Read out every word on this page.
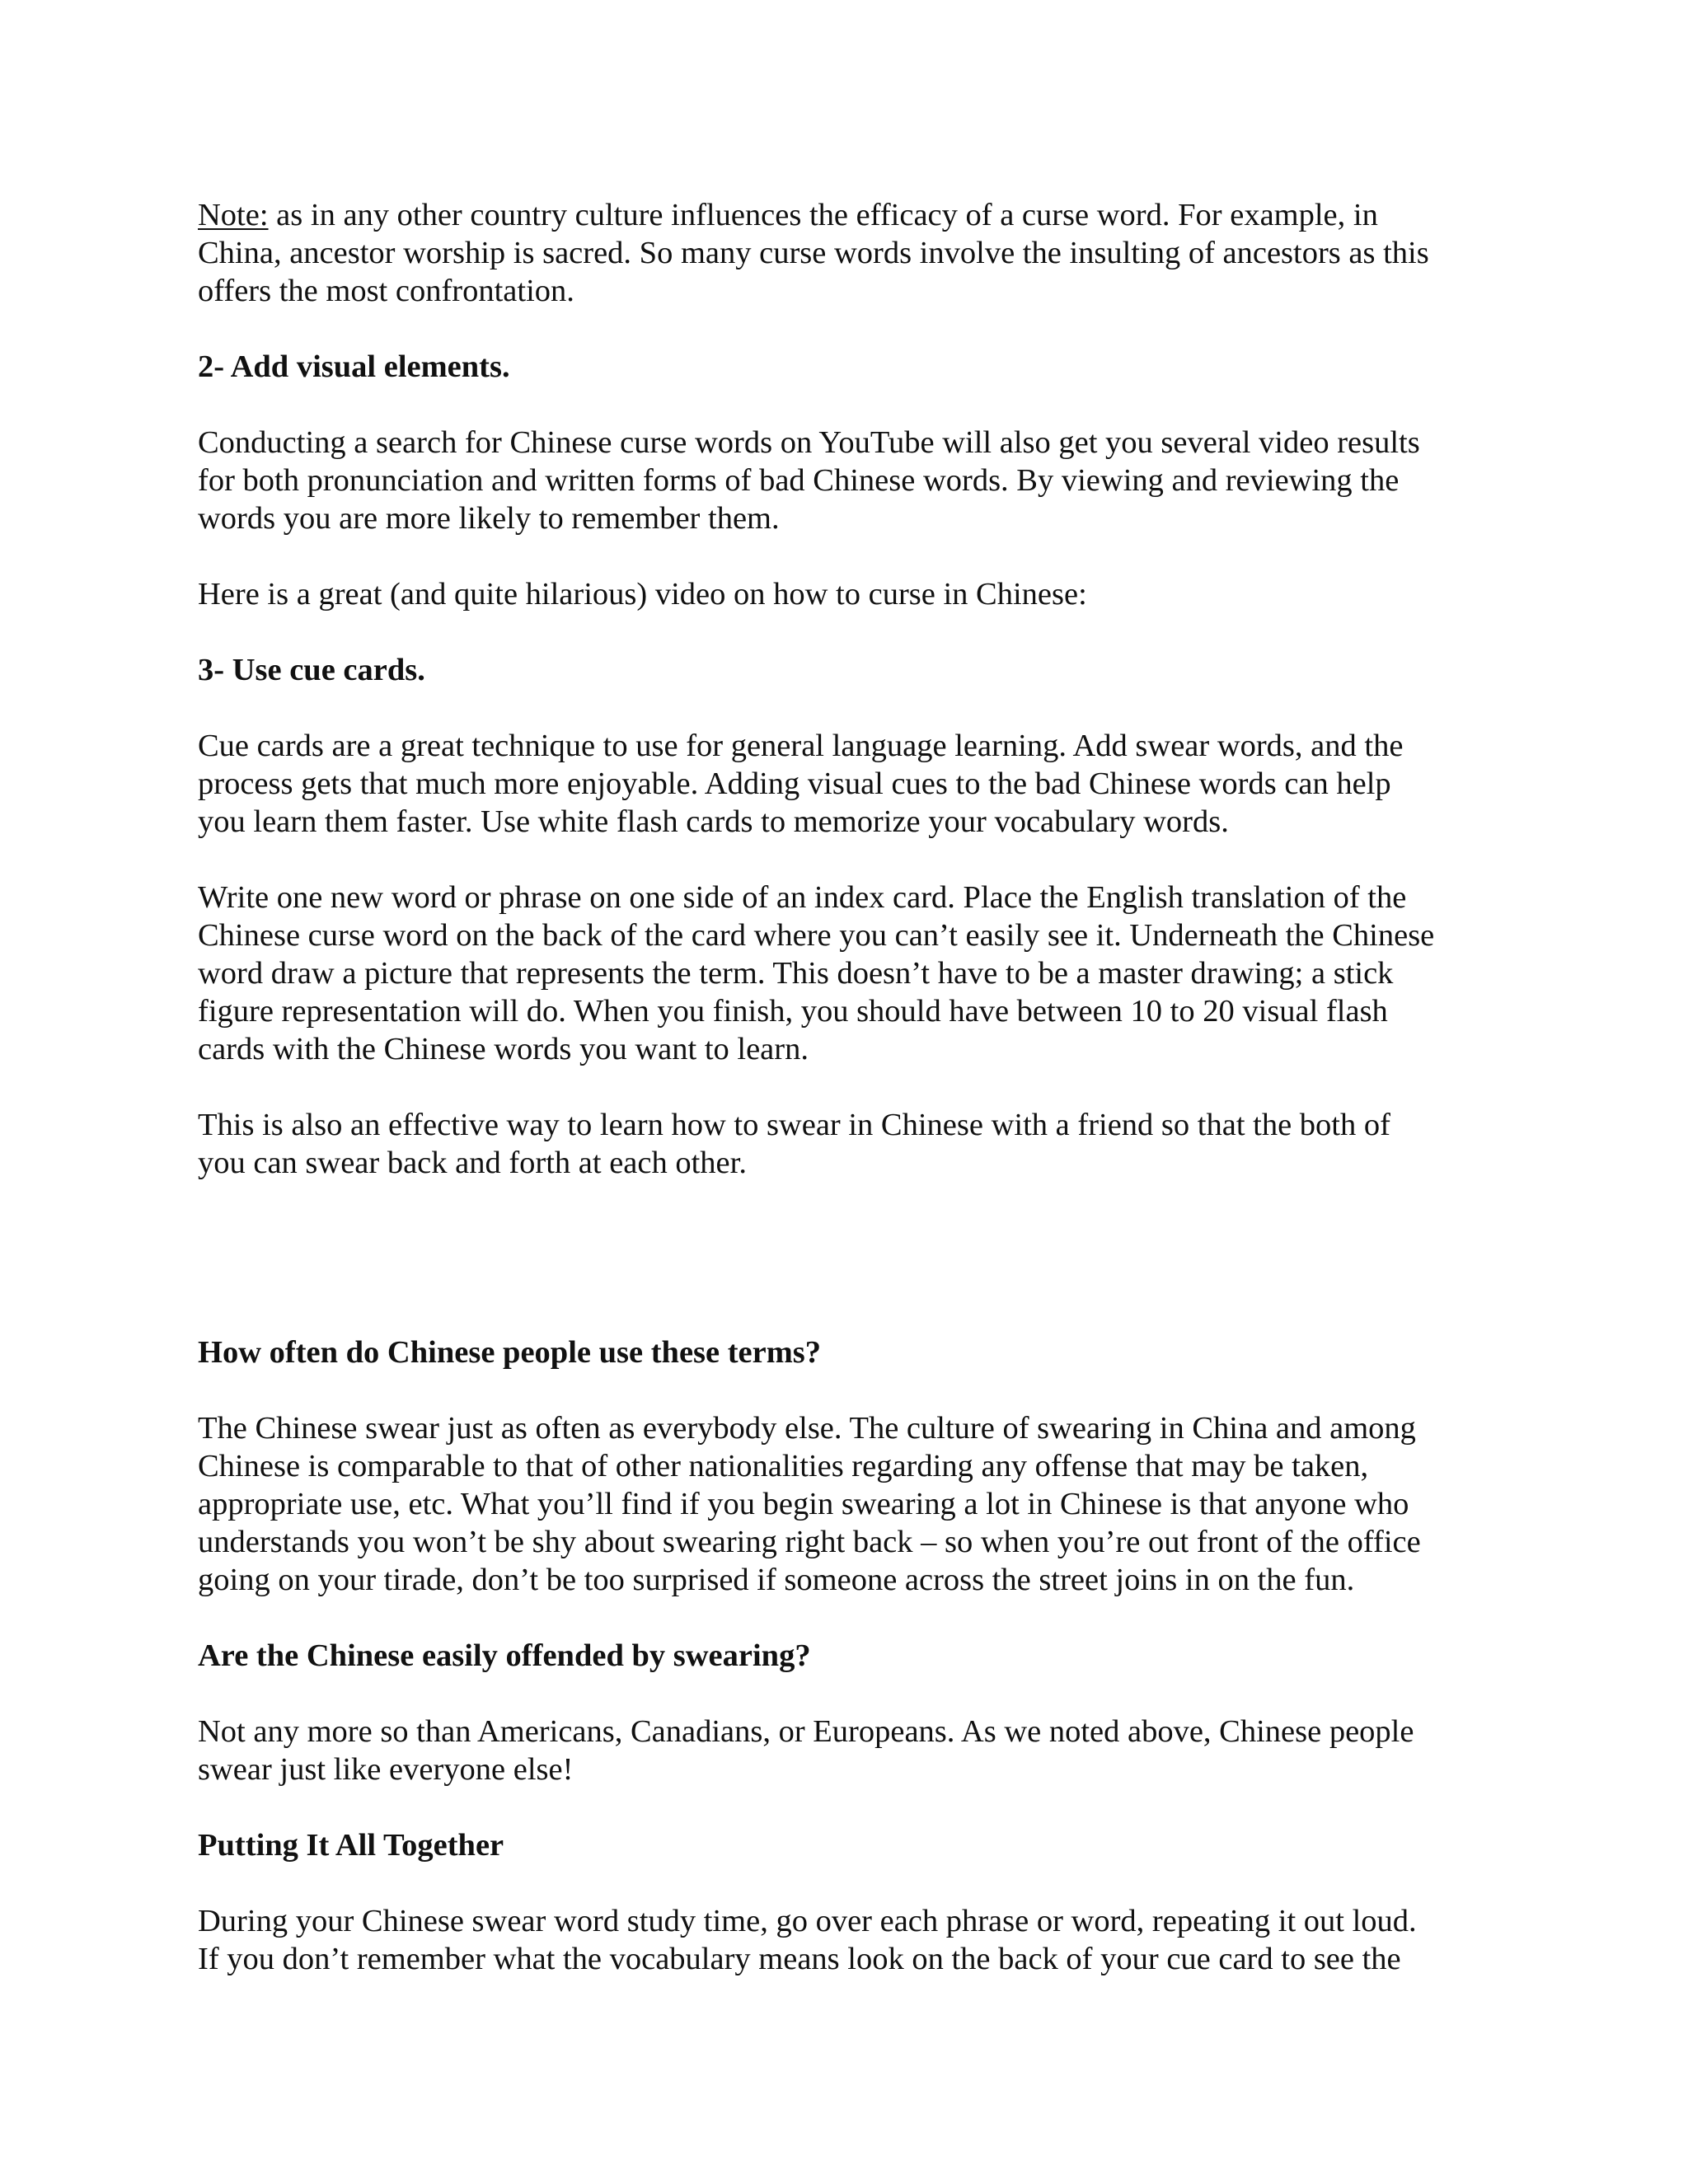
Note: as in any other country culture influences the efficacy of a curse word. For example, in
China, ancestor worship is sacred. So many curse words involve the insulting of ancestors as this
offers the most confrontation.
2- Add visual elements.
Conducting a search for Chinese curse words on YouTube will also get you several video results
for both pronunciation and written forms of bad Chinese words. By viewing and reviewing the
words you are more likely to remember them.
Here is a great (and quite hilarious) video on how to curse in Chinese:
3- Use cue cards.
Cue cards are a great technique to use for general language learning. Add swear words, and the
process gets that much more enjoyable. Adding visual cues to the bad Chinese words can help
you learn them faster. Use white flash cards to memorize your vocabulary words.
Write one new word or phrase on one side of an index card. Place the English translation of the
Chinese curse word on the back of the card where you can’t easily see it. Underneath the Chinese
word draw a picture that represents the term. This doesn’t have to be a master drawing; a stick
figure representation will do. When you finish, you should have between 10 to 20 visual flash
cards with the Chinese words you want to learn.
This is also an effective way to learn how to swear in Chinese with a friend so that the both of
you can swear back and forth at each other.
How often do Chinese people use these terms?
The Chinese swear just as often as everybody else. The culture of swearing in China and among
Chinese is comparable to that of other nationalities regarding any offense that may be taken,
appropriate use, etc. What you’ll find if you begin swearing a lot in Chinese is that anyone who
understands you won’t be shy about swearing right back – so when you’re out front of the office
going on your tirade, don’t be too surprised if someone across the street joins in on the fun.
Are the Chinese easily offended by swearing?
Not any more so than Americans, Canadians, or Europeans. As we noted above, Chinese people
swear just like everyone else!
Putting It All Together
During your Chinese swear word study time, go over each phrase or word, repeating it out loud.
If you don’t remember what the vocabulary means look on the back of your cue card to see the
